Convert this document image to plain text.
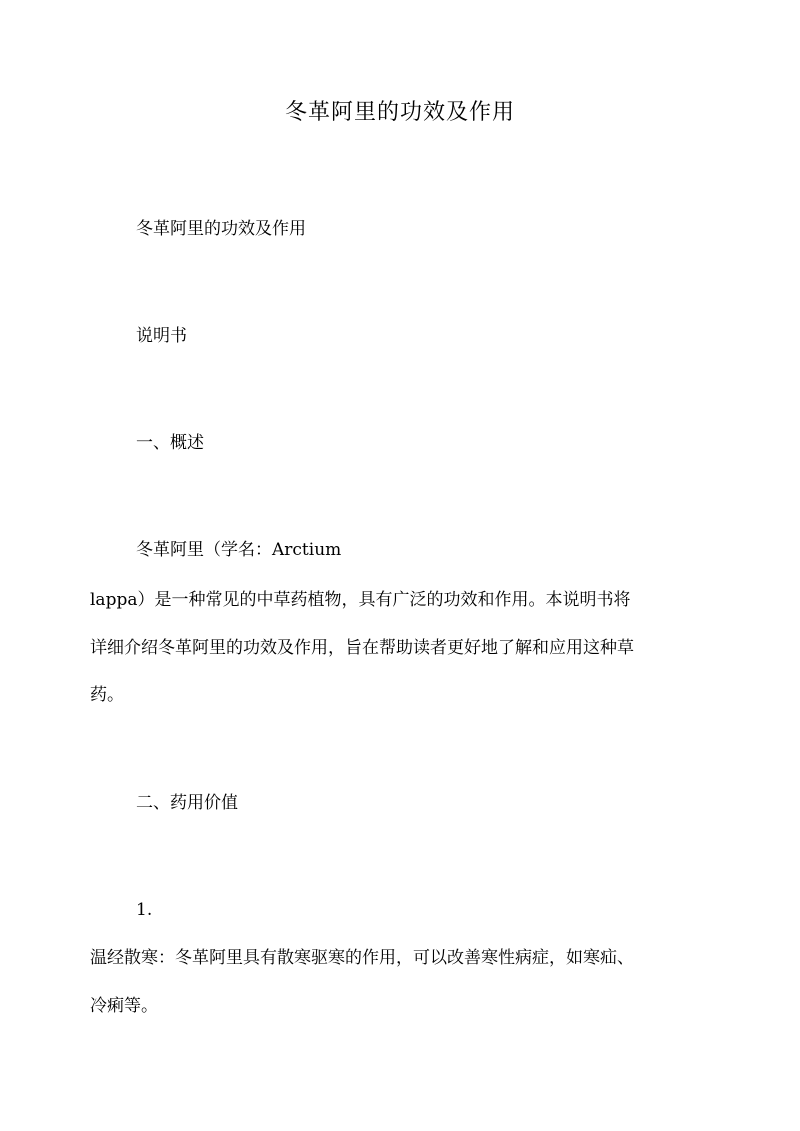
冬革阿里的功效及作用
冬革阿里的功效及作用
说明书
一、概述
冬革阿里（学名：Arctium
lappa）是一种常见的中草药植物，具有广泛的功效和作用。本说明书将
详细介绍冬革阿里的功效及作用，旨在帮助读者更好地了解和应用这种草
药。
二、药用价值
1.
温经散寒：冬革阿里具有散寒驱寒的作用，可以改善寒性病症，如寒疝、
冷痢等。
